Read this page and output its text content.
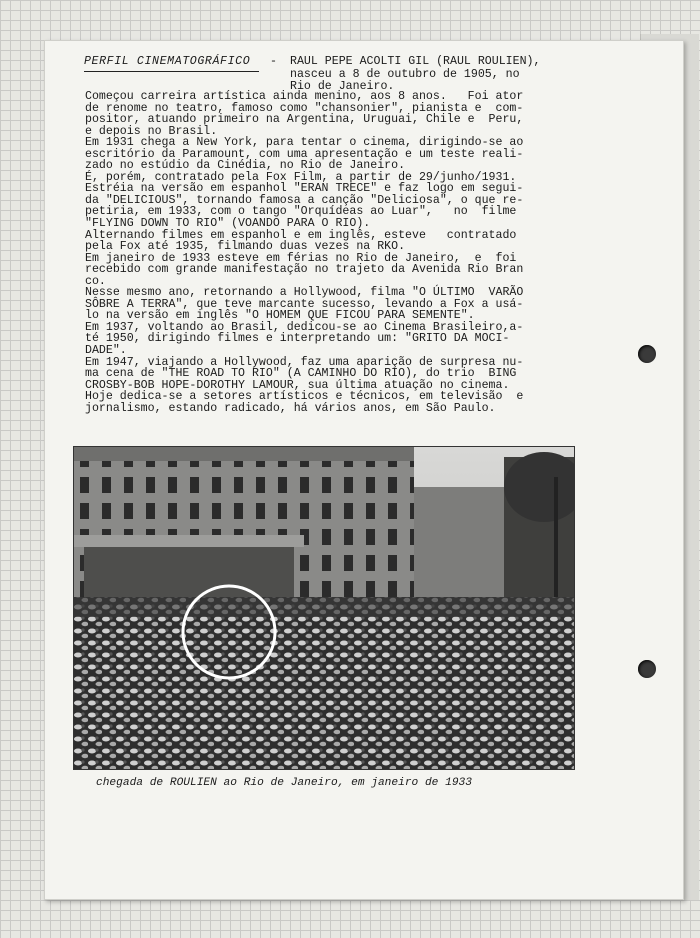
PERFIL CINEMATOGRÁFICO	- RAUL PEPE ACOLTI GIL (RAUL ROULIEN),
nasceu a 8 de outubro de 1905, no
Rio de Janeiro.
Começou carreira artística ainda menino, aos 8 anos.   Foi ator
de renome no teatro, famoso como "chansonier", pianista e  com-
positor, atuando primeiro na Argentina, Uruguai, Chile e  Peru,
e depois no Brasil.
Em 1931 chega a New York, para tentar o cinema, dirigindo-se ao
escritório da Paramount, com uma apresentação e um teste reali-
zado no estúdio da Cinédia, no Rio de Janeiro.
É, porém, contratado pela Fox Film, a partir de 29/junho/1931.
Estréia na versão em espanhol "ERAN TRECE" e faz logo em segui-
da "DELICIOUS", tornando famosa a canção "Deliciosa", o que re-
petiria, em 1933, com o tango "Orquídeas ao Luar",   no  filme
"FLYING DOWN TO RIO" (VOANDO PARA O RIO).
Alternando filmes em espanhol e em inglês, esteve   contratado
pela Fox até 1935, filmando duas vezes na RKO.
Em janeiro de 1933 esteve em férias no Rio de Janeiro,  e  foi
recebido com grande manifestação no trajeto da Avenida Rio Bran
co.
Nesse mesmo ano, retornando a Hollywood, filma "O ÚLTIMO  VARÃO
SÔBRE A TERRA", que teve marcante sucesso, levando a Fox a usá-
lo na versão em inglês "O HOMEM QUE FICOU PARA SEMENTE".
Em 1937, voltando ao Brasil, dedicou-se ao Cinema Brasileiro,a-
té 1950, dirigindo filmes e interpretando um: "GRITO DA MOCI-
DADE".
Em 1947, viajando a Hollywood, faz uma aparição de surpresa nu-
ma cena de "THE ROAD TO RIO" (A CAMINHO DO RIO), do trio  BING
CROSBY-BOB HOPE-DOROTHY LAMOUR, sua última atuação no cinema.
Hoje dedica-se a setores artísticos e técnicos, em televisão  e
jornalismo, estando radicado, há vários anos, em São Paulo.
chegada de ROULIEN ao Rio de Janeiro, em janeiro de 1933
